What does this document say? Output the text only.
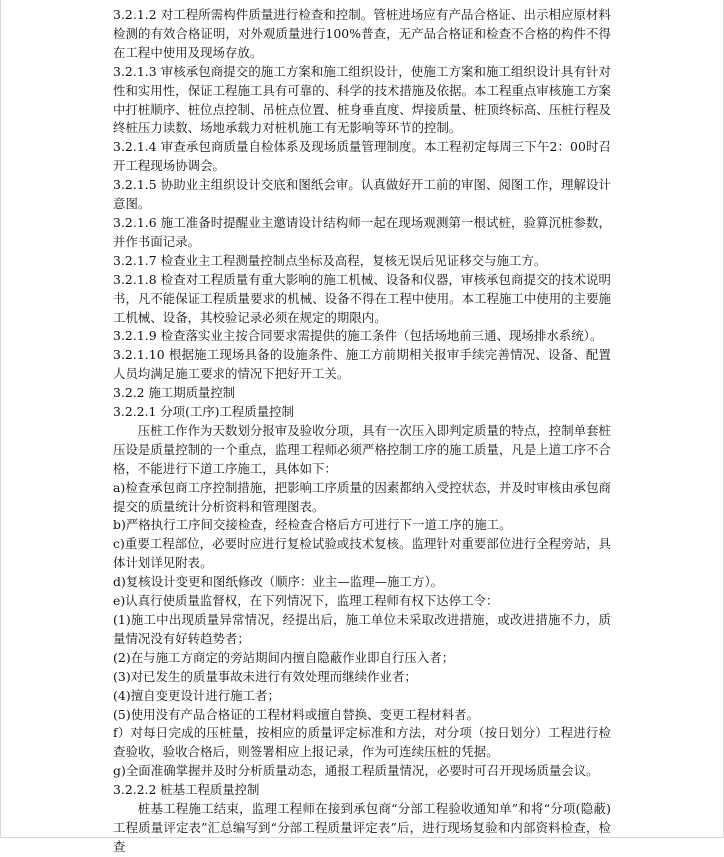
3.2.1.2 对工程所需构件质量进行检查和控制。管桩进场应有产品合格证、出示相应原材料检测的有效合格证明，对外观质量进行100%普查，无产品合格证和检查不合格的构件不得在工程中使用及现场存放。

3.2.1.3 审核承包商提交的施工方案和施工组织设计，使施工方案和施工组织设计具有针对性和实用性，保证工程施工具有可靠的、科学的技术措施及依据。本工程重点审核施工方案中打桩顺序、桩位点控制、吊桩点位置、桩身垂直度、焊接质量、桩顶终标高、压桩行程及终桩压力读数、场地承载力对桩机施工有无影响等环节的控制。

3.2.1.4 审查承包商质量自检体系及现场质量管理制度。本工程初定每周三下午2：00时召开工程现场协调会。

3.2.1.5 协助业主组织设计交底和图纸会审。认真做好开工前的审图、阅图工作，理解设计意图。

3.2.1.6 施工准备时提醒业主邀请设计结构师一起在现场观测第一根试桩，验算沉桩参数，并作书面记录。

3.2.1.7 检查业主工程测量控制点坐标及高程，复核无误后见证移交与施工方。

3.2.1.8 检查对工程质量有重大影响的施工机械、设备和仪器，审核承包商提交的技术说明书，凡不能保证工程质量要求的机械、设备不得在工程中使用。本工程施工中使用的主要施工机械、设备，其校验记录必须在规定的期限内。

3.2.1.9 检查落实业主按合同要求需提供的施工条件（包括场地前三通、现场排水系统）。

3.2.1.10 根据施工现场具备的设施条件、施工方前期相关报审手续完善情况、设备、配置人员均满足施工要求的情况下把好开工关。

3.2.2 施工期质量控制

3.2.2.1 分项(工序)工程质量控制

压桩工作作为天数划分报审及验收分项，具有一次压入即判定质量的特点，控制单套桩压设是质量控制的一个重点，监理工程师必须严格控制工序的施工质量，凡是上道工序不合格，不能进行下道工序施工，具体如下：

a)检查承包商工序控制措施，把影响工序质量的因素都纳入受控状态，并及时审核由承包商提交的质量统计分析资料和管理图表。

b)严格执行工序间交接检查，经检查合格后方可进行下一道工序的施工。

c)重要工程部位，必要时应进行复检试验或技术复核。监理针对重要部位进行全程旁站，具体计划详见附表。

d)复核设计变更和图纸修改（顺序：业主—监理—施工方）。

e)认真行使质量监督权，在下列情况下，监理工程师有权下达停工令：

(1)施工中出现质量异常情况，经提出后，施工单位未采取改进措施，或改进措施不力，质量情况没有好转趋势者；

(2)在与施工方商定的旁站期间内擅自隐蔽作业即自行压入者；

(3)对已发生的质量事故未进行有效处理而继续作业者；

(4)擅自变更设计进行施工者；

(5)使用没有产品合格证的工程材料或擅自替换、变更工程材料者。

f）对每日完成的压桩量，按相应的质量评定标准和方法，对分项（按日划分）工程进行检查验收，验收合格后，则签署相应上报记录，作为可连续压桩的凭据。

g)全面准确掌握并及时分析质量动态，通报工程质量情况，必要时可召开现场质量会议。

3.2.2.2 桩基工程质量控制

桩基工程施工结束，监理工程师在接到承包商“分部工程验收通知单”和将“分项(隐蔽)工程质量评定表”汇总编写到“分部工程质量评定表”后，进行现场复验和内部资料检查，检查
